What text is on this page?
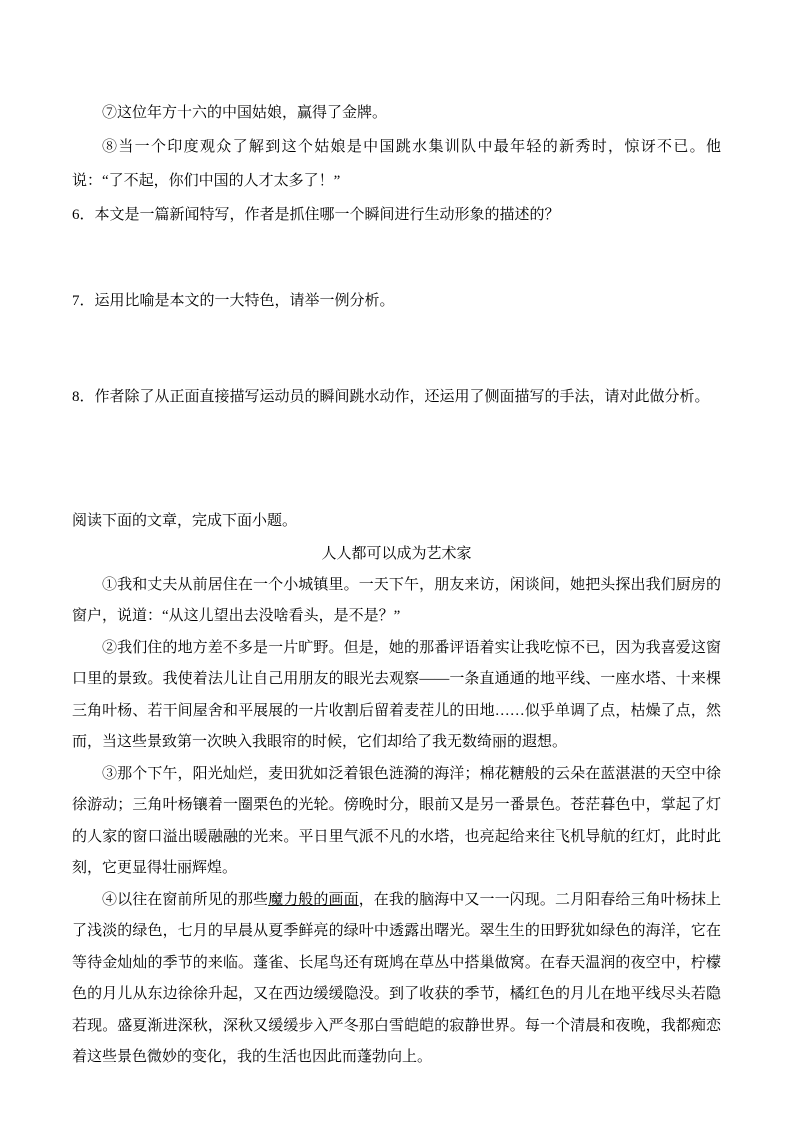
⑦这位年方十六的中国姑娘，赢得了金牌。

⑧当一个印度观众了解到这个姑娘是中国跳水集训队中最年轻的新秀时，惊讶不已。他说：“了不起，你们中国的人才太多了！”

6．本文是一篇新闻特写，作者是抓住哪一个瞬间进行生动形象的描述的？

7．运用比喻是本文的一大特色，请举一例分析。

8．作者除了从正面直接描写运动员的瞬间跳水动作，还运用了侧面描写的手法，请对此做分析。

阅读下面的文章，完成下面小题。

人人都可以成为艺术家

①我和丈夫从前居住在一个小城镇里。一天下午，朋友来访，闲谈间，她把头探出我们厨房的窗户，说道：“从这儿望出去没啥看头，是不是？”

②我们住的地方差不多是一片旷野。但是，她的那番评语着实让我吃惊不已，因为我喜爱这窗口里的景致。我使着法儿让自己用朋友的眼光去观察——一条直通通的地平线、一座水塔、十来棵三角叶杨、若干间屋舍和平展展的一片收割后留着麦茬儿的田地……似乎单调了点，枯燥了点，然而，当这些景致第一次映入我眼帘的时候，它们却给了我无数绮丽的遐想。

③那个下午，阳光灿烂，麦田犹如泛着银色涟漪的海洋；棉花糖般的云朵在蓝湛湛的天空中徐徐游动；三角叶杨镶着一圈栗色的光轮。傍晚时分，眼前又是另一番景色。苍茫暮色中，掌起了灯的人家的窗口溢出暖融融的光来。平日里气派不凡的水塔，也亮起给来往飞机导航的红灯，此时此刻，它更显得壮丽辉煌。

④以往在窗前所见的那些魔力般的画面，在我的脑海中又一一闪现。二月阳春给三角叶杨抹上了浅淡的绿色，七月的早晨从夏季鲜亮的绿叶中透露出曙光。翠生生的田野犹如绿色的海洋，它在等待金灿灿的季节的来临。蓬雀、长尾鸟还有斑鸠在草丛中搭巢做窝。在春天温润的夜空中，柠檬色的月儿从东边徐徐升起，又在西边缓缓隐没。到了收获的季节，橘红色的月儿在地平线尽头若隐若现。盛夏渐进深秋，深秋又缓缓步入严冬那白雪皑皑的寂静世界。每一个清晨和夜晚，我都痴恋着这些景色微妙的变化，我的生活也因此而蓬勃向上。
